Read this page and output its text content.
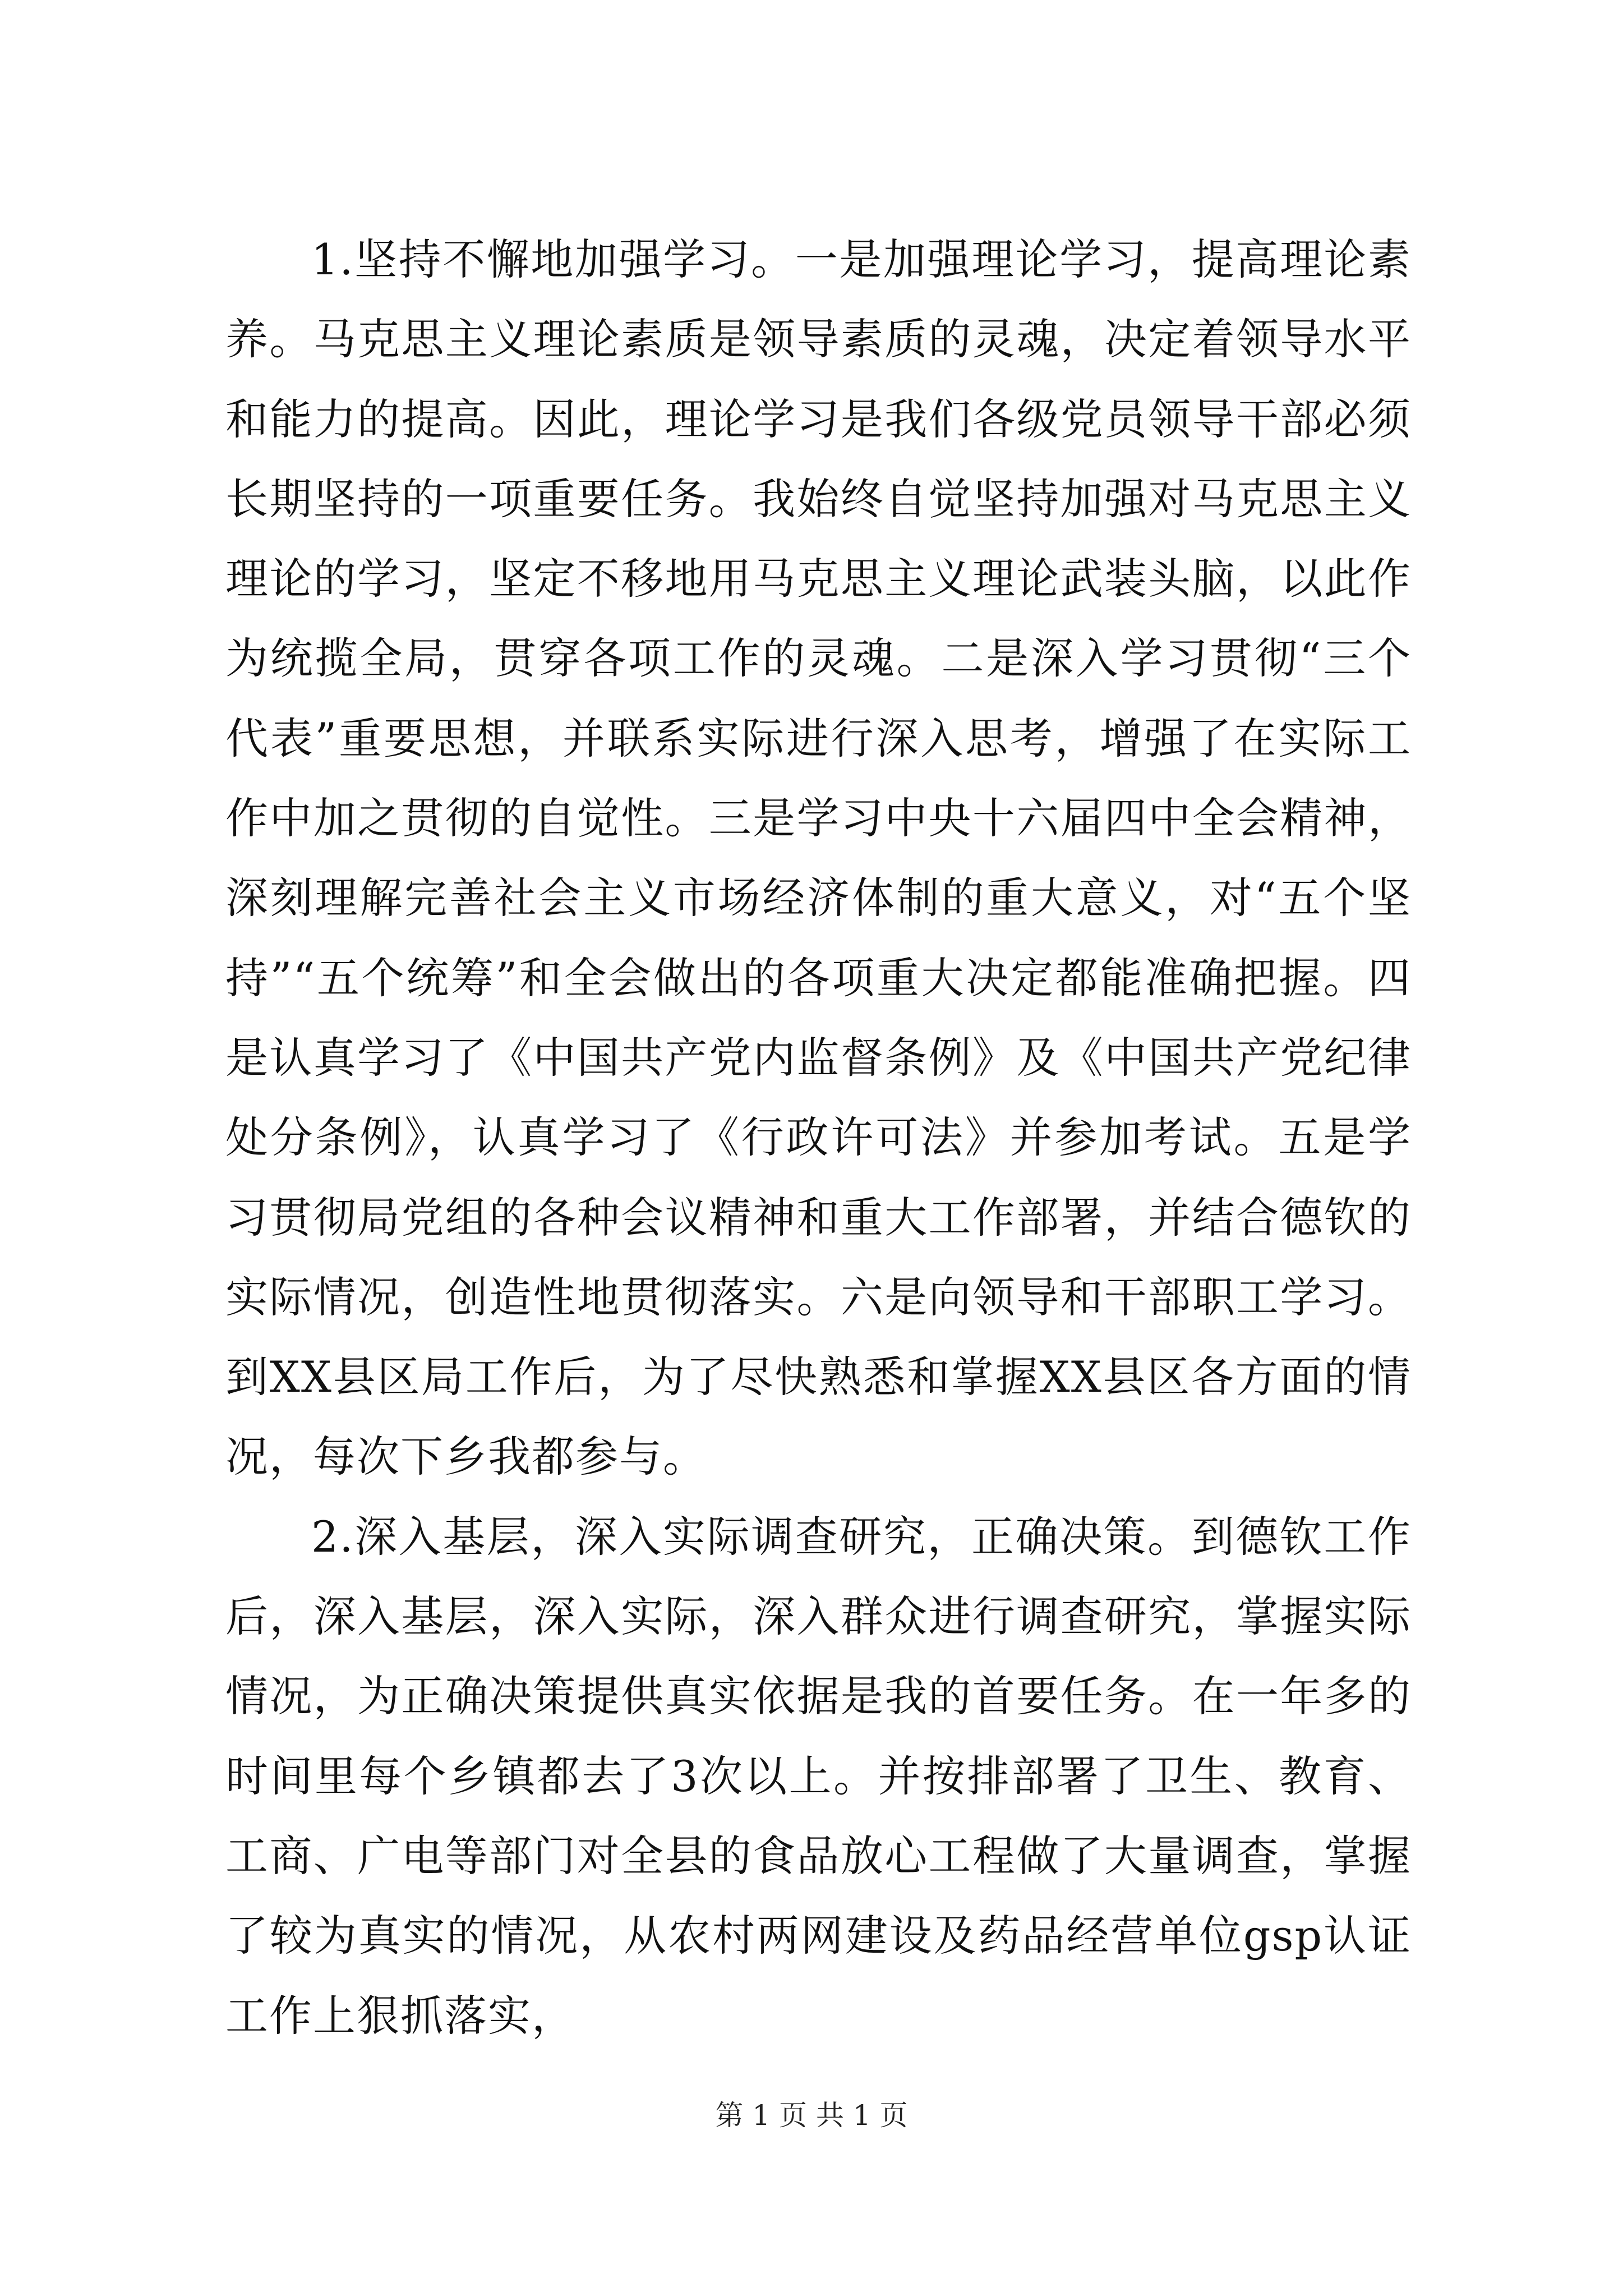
1.坚持不懈地加强学习。一是加强理论学习，提高理论素养。马克思主义理论素质是领导素质的灵魂，决定着领导水平和能力的提高。因此，理论学习是我们各级党员领导干部必须长期坚持的一项重要任务。我始终自觉坚持加强对马克思主义理论的学习，坚定不移地用马克思主义理论武装头脑，以此作为统揽全局，贯穿各项工作的灵魂。二是深入学习贯彻“三个代表”重要思想，并联系实际进行深入思考，增强了在实际工作中加之贯彻的自觉性。三是学习中央十六届四中全会精神，深刻理解完善社会主义市场经济体制的重大意义，对“五个坚持”“五个统筹”和全会做出的各项重大决定都能准确把握。四是认真学习了《中国共产党内监督条例》及《中国共产党纪律处分条例》，认真学习了《行政许可法》并参加考试。五是学习贯彻局党组的各种会议精神和重大工作部署，并结合德钦的实际情况，创造性地贯彻落实。六是向领导和干部职工学习。到XX县区局工作后，为了尽快熟悉和掌握XX县区各方面的情况，每次下乡我都参与。

2.深入基层，深入实际调查研究，正确决策。到德钦工作后，深入基层，深入实际，深入群众进行调查研究，掌握实际情况，为正确决策提供真实依据是我的首要任务。在一年多的时间里每个乡镇都去了3次以上。并按排部署了卫生、教育、工商、广电等部门对全县的食品放心工程做了大量调查，掌握了较为真实的情况，从农村两网建设及药品经营单位gsp认证工作上狠抓落实，

第 1 页 共 1 页
